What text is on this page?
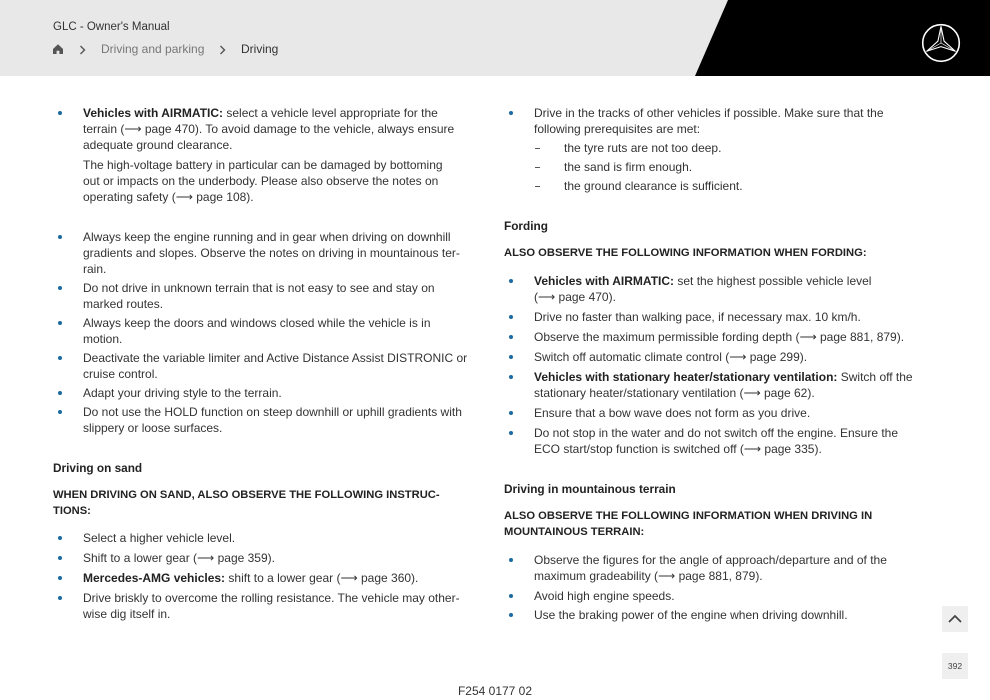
GLC - Owner's Manual
Driving and parking	Driving
Vehicles with AIRMATIC: select a vehicle level appropriate for the
terrain (⟶ page 470). To avoid damage to the vehicle, always ensure
adequate ground clearance.
The high-voltage battery in particular can be damaged by bottoming
out or impacts on the underbody. Please also observe the notes on
operating safety (⟶ page 108).
Always keep the engine running and in gear when driving on downhill
gradients and slopes. Observe the notes on driving in mountainous ter-
rain.
Do not drive in unknown terrain that is not easy to see and stay on
marked routes.
Always keep the doors and windows closed while the vehicle is in
motion.
Deactivate the variable limiter and Active Distance Assist DISTRONIC or
cruise control.
Adapt your driving style to the terrain.
Do not use the HOLD function on steep downhill or uphill gradients with
slippery or loose surfaces.
Driving on sand
WHEN DRIVING ON SAND, ALSO OBSERVE THE FOLLOWING INSTRUC-
TIONS:
Select a higher vehicle level.
Shift to a lower gear (⟶ page 359).
Mercedes-AMG vehicles: shift to a lower gear (⟶ page 360).
Drive briskly to overcome the rolling resistance. The vehicle may other-
wise dig itself in.
Drive in the tracks of other vehicles if possible. Make sure that the
following prerequisites are met:
the tyre ruts are not too deep.
the sand is firm enough.
the ground clearance is sufficient.
Fording
ALSO OBSERVE THE FOLLOWING INFORMATION WHEN FORDING:
Vehicles with AIRMATIC: set the highest possible vehicle level
(⟶ page 470).
Drive no faster than walking pace, if necessary max. 10 km/h.
Observe the maximum permissible fording depth (⟶ page 881, 879).
Switch off automatic climate control (⟶ page 299).
Vehicles with stationary heater/stationary ventilation: Switch off the
stationary heater/stationary ventilation (⟶ page 62).
Ensure that a bow wave does not form as you drive.
Do not stop in the water and do not switch off the engine. Ensure the
ECO start/stop function is switched off (⟶ page 335).
Driving in mountainous terrain
ALSO OBSERVE THE FOLLOWING INFORMATION WHEN DRIVING IN
MOUNTAINOUS TERRAIN:
Observe the figures for the angle of approach/departure and of the
maximum gradeability (⟶ page 881, 879).
Avoid high engine speeds.
Use the braking power of the engine when driving downhill.
392
F254 0177 02
